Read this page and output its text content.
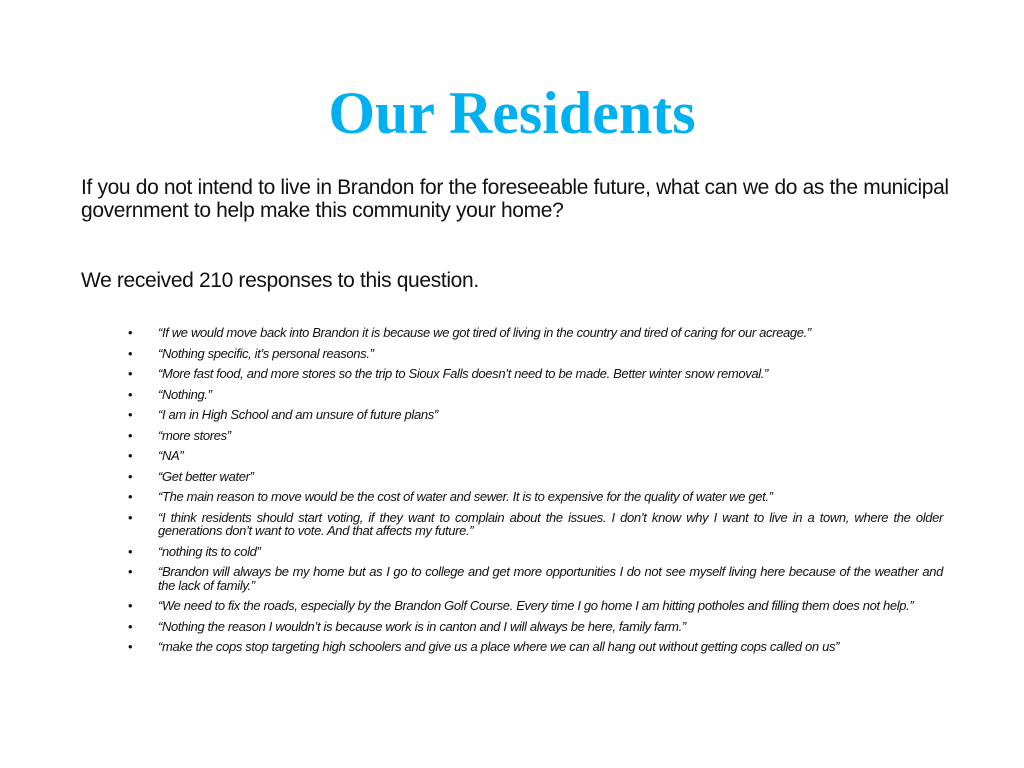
Our Residents
If you do not intend to live in Brandon for the foreseeable future, what can we do as the municipal government to help make this community your home?
We received 210 responses to this question.
• “If we would move back into Brandon it is because we got tired of living in the country and tired of caring for our acreage.”
• “Nothing specific, it’s personal reasons.”
• “More fast food, and more stores so the trip to Sioux Falls doesn’t need to be made. Better winter snow removal.”
• “Nothing.”
• “I am in High School and am unsure of future plans”
• “more stores”
• “NA”
• “Get better water”
• “The main reason to move would be the cost of water and sewer. It is to expensive for the quality of water we get.”
• “I think residents should start voting, if they want to complain about the issues. I don’t know why I want to live in a town, where the older generations don’t want to vote. And that affects my future.”
• “nothing its to cold”
• “Brandon will always be my home but as I go to college and get more opportunities I do not see myself living here because of the weather and the lack of family.”
• “We need to fix the roads, especially by the Brandon Golf Course. Every time I go home I am hitting potholes and filling them does not help.”
• “Nothing the reason I wouldn’t is because work is in canton and I will always be here, family farm.”
• “make the cops stop targeting high schoolers and give us a place where we can all hang out without getting cops called on us”
